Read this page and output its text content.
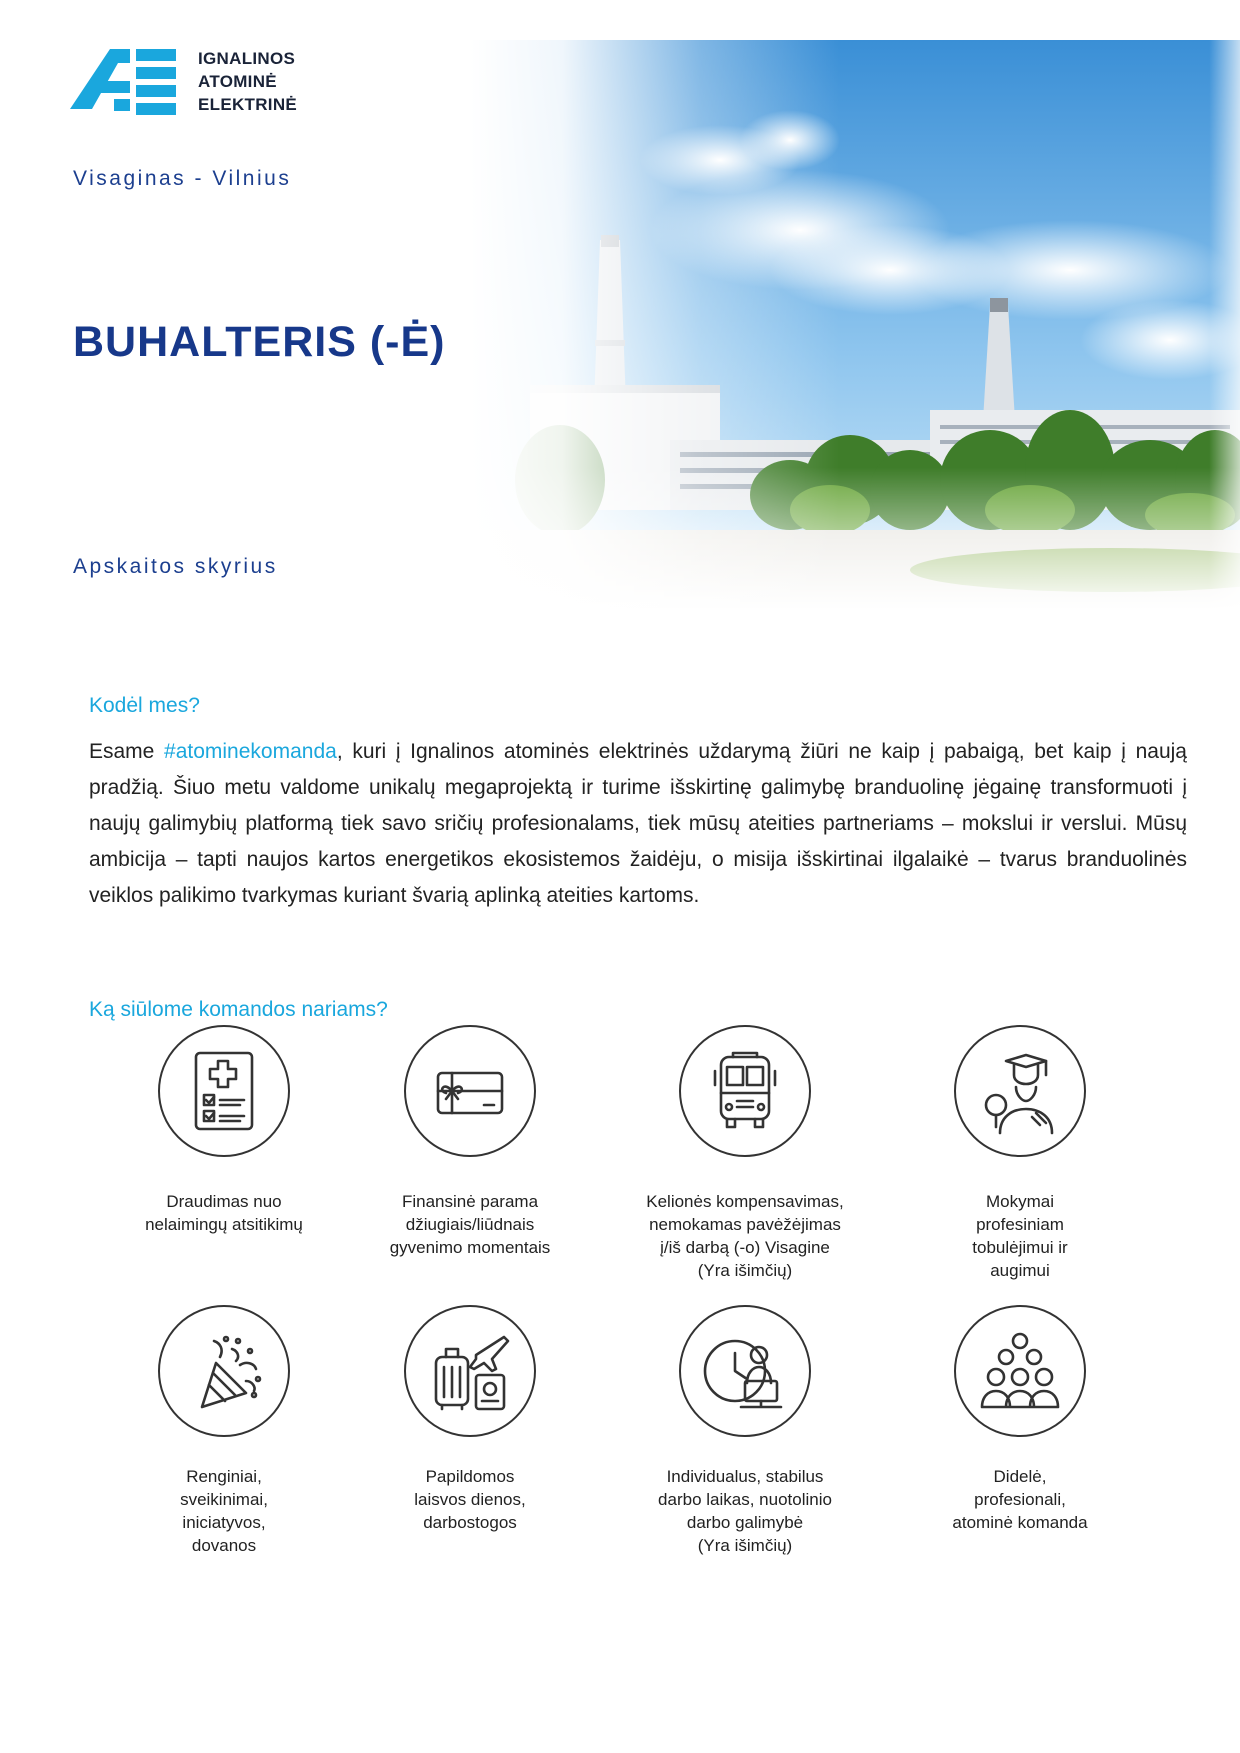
IGNALINOS
ATOMINĖ
ELEKTRINĖ
Visaginas - Vilnius
BUHALTERIS (-Ė)
Apskaitos skyrius
Kodėl mes?
Esame #atominekomanda, kuri į Ignalinos atominės elektrinės uždarymą žiūri ne kaip į pabaigą, bet kaip į naują pradžią. Šiuo metu valdome unikalų megaprojektą ir turime išskirtinę galimybę branduolinę jėgainę transformuoti į naujų galimybių platformą tiek savo sričių profesionalams, tiek mūsų ateities partneriams – mokslui ir verslui. Mūsų ambicija – tapti naujos kartos energetikos ekosistemos žaidėju, o misija išskirtinai ilgalaikė – tvarus branduolinės veiklos palikimo tvarkymas kuriant švarią aplinką ateities kartoms.
Ką siūlome komandos nariams?
Draudimas nuo
nelaimingų atsitikimų
Finansinė parama
džiugiais/liūdnais
gyvenimo momentais
Kelionės kompensavimas,
nemokamas pavėžėjimas
į/iš darbą (-o) Visagine
(Yra išimčių)
Mokymai
profesiniam
tobulėjimui ir
augimui
Renginiai,
sveikinimai,
iniciatyvos,
dovanos
Papildomos
laisvos dienos,
darbostogos
Individualus, stabilus
darbo laikas, nuotolinio
darbo galimybė
(Yra išimčių)
Didelė,
profesionali,
atominė komanda
